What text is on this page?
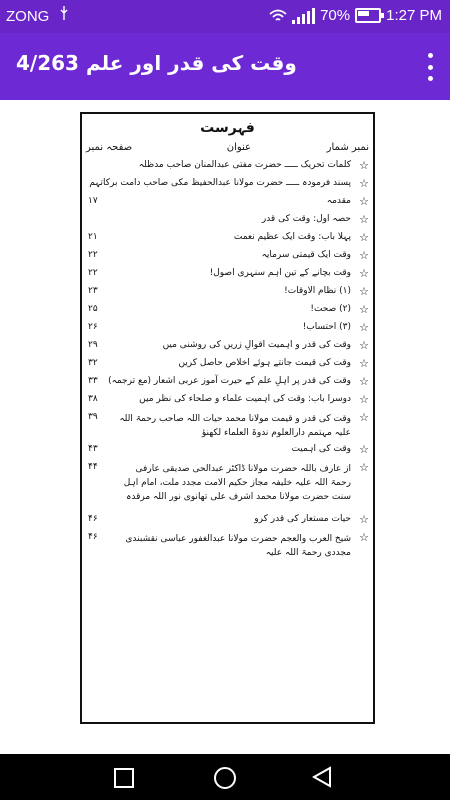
ZONG	70% 1:27 PM
4/263 وقت کی قدر اور علم
فہرست
نمبر شمار
عنوان
صفحہ نمبر
☆
کلمات تحریک ـــــ حضرت مفتی عبدالمنان صاحب مدظلہ
☆
پسند فرمودہ ـــــ حضرت مولانا عبدالحفیظ مکی صاحب دامت برکاتہم
☆
مقدمہ
۱۷
☆
حصہ اول: وقت کی قدر
☆
پہلا باب: وقت ایک عظیم نعمت
۲۱
☆
وقت ایک قیمتی سرمایہ
۲۲
☆
وقت بچانے کے تین اہم سنہری اصول!
۲۲
☆
(۱) نظام الاوقات!
۲۳
☆
(۲) صحت!
۲۵
☆
(۳) احتساب!
۲۶
☆
وقت کی قدر و اہمیت اقوالِ زریں کی روشنی میں
۲۹
☆
وقت کی قیمت جانتے ہوئے اخلاص حاصل کریں
۳۲
☆
وقت کی قدر پر اہلِ علم کے حیرت آموز عربی اشعار (مع ترجمہ)
۳۳
☆
دوسرا باب: وقت کی اہمیت علماء و صلحاء کی نظر میں
۳۸
☆
وقت کی قدر و قیمت مولانا محمد حیات اللہ صاحب رحمۃ اللہ علیہ مہتمم دارالعلوم ندوۃ العلماء لکھنؤ
۳۹
☆
وقت کی اہمیت
۴۳
☆
از عارف باللہ حضرت مولانا ڈاکٹر عبدالحی صدیقی عارفی رحمۃ اللہ علیہ خلیفہ مجاز حکیم الامت مجدد ملت، امام اہل سنت حضرت مولانا محمد اشرف علی تھانوی نور اللہ مرقدہ
۴۴
☆
حیات مستعار کی قدر کرو
۴۶
☆
شیخ العرب والعجم حضرت مولانا عبدالغفور عباسی نقشبندی مجددی رحمۃ اللہ علیہ
۴۶
